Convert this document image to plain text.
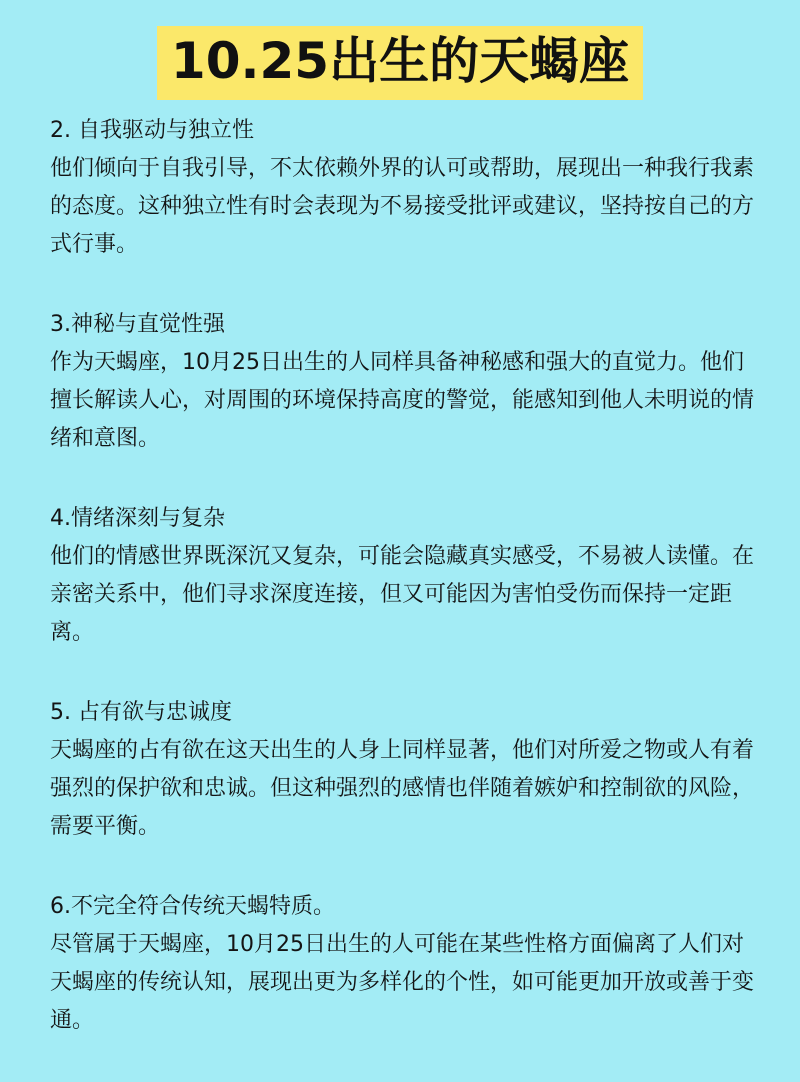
10.25出生的天蝎座

2. 自我驱动与独立性

他们倾向于自我引导，不太依赖外界的认可或帮助，展现出一种我行我素的态度。这种独立性有时会表现为不易接受批评或建议，坚持按自己的方式行事。

3.神秘与直觉性强

作为天蝎座，10月25日出生的人同样具备神秘感和强大的直觉力。他们擅长解读人心，对周围的环境保持高度的警觉，能感知到他人未明说的情绪和意图。

4.情绪深刻与复杂

他们的情感世界既深沉又复杂，可能会隐藏真实感受，不易被人读懂。在亲密关系中，他们寻求深度连接，但又可能因为害怕受伤而保持一定距离。

5. 占有欲与忠诚度

天蝎座的占有欲在这天出生的人身上同样显著，他们对所爱之物或人有着强烈的保护欲和忠诚。但这种强烈的感情也伴随着嫉妒和控制欲的风险，需要平衡。

6.不完全符合传统天蝎特质。

尽管属于天蝎座，10月25日出生的人可能在某些性格方面偏离了人们对天蝎座的传统认知，展现出更为多样化的个性，如可能更加开放或善于变通。
